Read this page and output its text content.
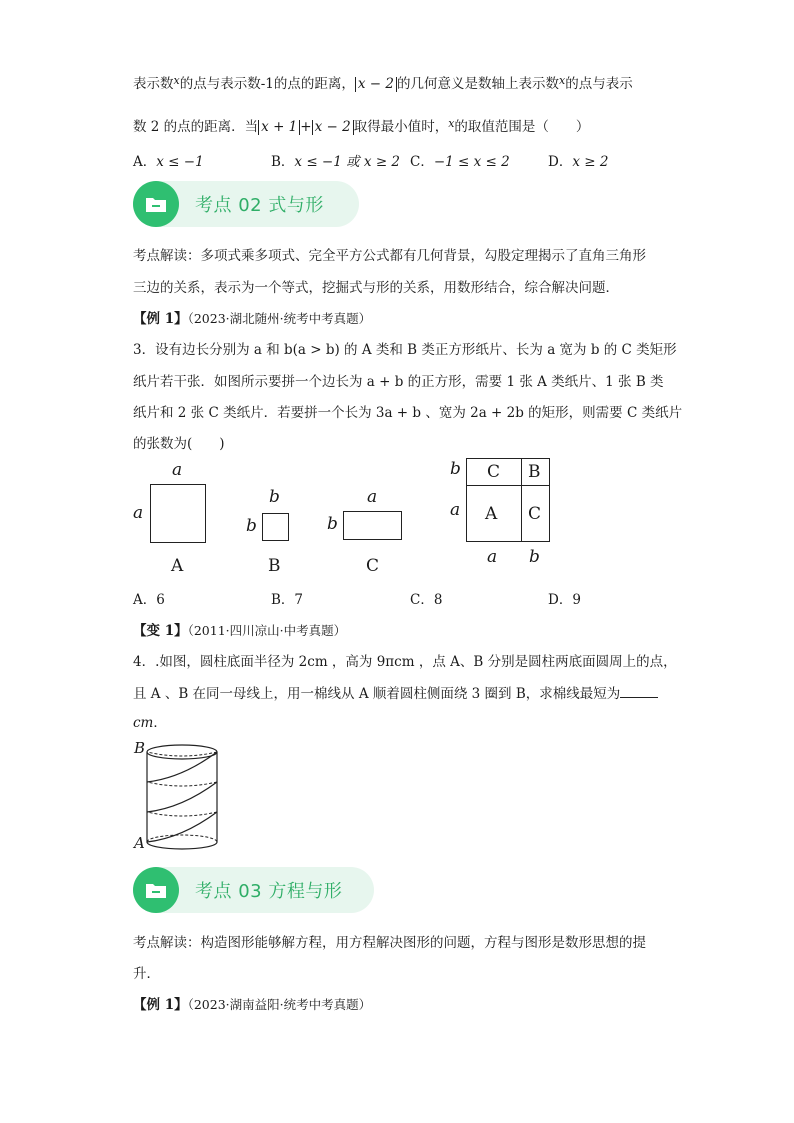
表示数$^x$的点与表示数-1的点的距离， x − 2 的几何意义是数轴上表示数$^x$的点与表示
数 2 的点的距离．当 x + 1 + x − 2 取得最小值时，$^x$的取值范围是（　　）
A．x ≤ −1	B．x ≤ −1 或 x ≥ 2 C．−1 ≤ x ≤ 2	D．x ≥ 2
考点 02 式与形
考点解读：多项式乘多项式、完全平方公式都有几何背景，勾股定理揭示了直角三角形
三边的关系，表示为一个等式，挖掘式与形的关系，用数形结合，综合解决问题．
【例 1】（2023·湖北随州·统考中考真题）
3．设有边长分别为 a 和 b(a > b) 的 A 类和 B 类正方形纸片、长为 a 宽为 b 的 C 类矩形
纸片若干张．如图所示要拼一个边长为 a + b 的正方形，需要 1 张 A 类纸片、1 张 B 类
纸片和 2 张 C 类纸片．若要拼一个长为 3a + b 、宽为 2a + 2b 的矩形，则需要 C 类纸片
的张数为(　　)
a
a
A
b
b
B
a
b
C
C B
A C
b
a
a b
A．6	B．7	C．8	D．9
【变 1】（2011·四川凉山·中考真题）
4．.如图，圆柱底面半径为 2cm ，高为 9πcm ，点 A、B 分别是圆柱两底面圆周上的点，
且 A 、B 在同一母线上，用一棉线从 A 顺着圆柱侧面绕 3 圈到 B，求棉线最短为
cm．
B
A
考点 03 方程与形
考点解读：构造图形能够解方程，用方程解决图形的问题，方程与图形是数形思想的提
升．
【例 1】（2023·湖南益阳·统考中考真题）
